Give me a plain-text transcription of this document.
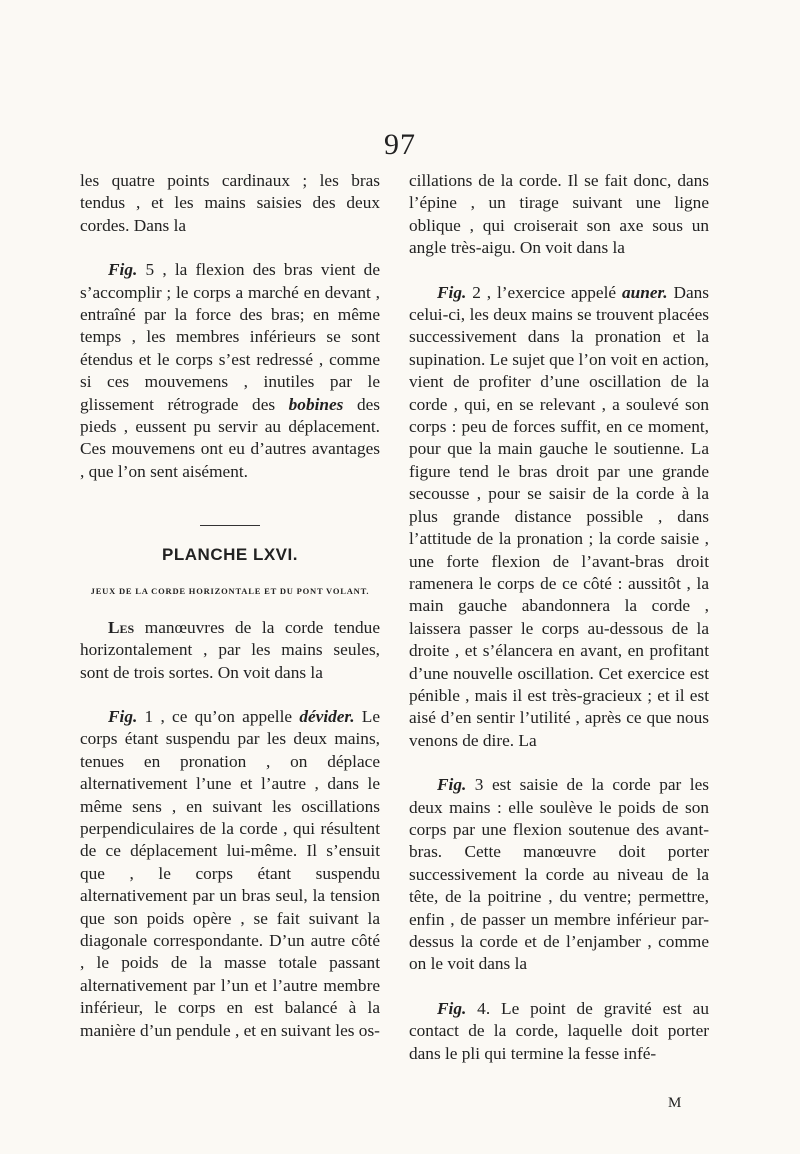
97

les quatre points cardinaux ; les bras tendus , et les mains saisies des deux cordes. Dans la

Fig. 5 , la flexion des bras vient de s’accomplir ; le corps a marché en devant , entraîné par la force des bras; en même temps , les membres inférieurs se sont étendus et le corps s’est redressé , comme si ces mouvemens , inutiles par le glissement rétrograde des bobines des pieds , eussent pu servir au déplacement. Ces mouvemens ont eu d’autres avantages , que l’on sent aisément.

PLANCHE LXVI.
JEUX DE LA CORDE HORIZONTALE ET DU PONT VOLANT.

Les manœuvres de la corde tendue horizontalement , par les mains seules, sont de trois sortes. On voit dans la

Fig. 1 , ce qu’on appelle dévider. Le corps étant suspendu par les deux mains, tenues en pronation , on déplace alternativement l’une et l’autre , dans le même sens , en suivant les oscillations perpendiculaires de la corde , qui résultent de ce déplacement lui-même. Il s’ensuit que , le corps étant suspendu alternativement par un bras seul, la tension que son poids opère , se fait suivant la diagonale correspondante. D’un autre côté , le poids de la masse totale passant alternativement par l’un et l’autre membre inférieur, le corps en est balancé à la manière d’un pendule , et en suivant les os-

cillations de la corde. Il se fait donc, dans l’épine , un tirage suivant une ligne oblique , qui croiserait son axe sous un angle très-aigu. On voit dans la

Fig. 2 , l’exercice appelé auner. Dans celui-ci, les deux mains se trouvent placées successivement dans la pronation et la supination. Le sujet que l’on voit en action, vient de profiter d’une oscillation de la corde , qui, en se relevant , a soulevé son corps : peu de forces suffit, en ce moment, pour que la main gauche le soutienne. La figure tend le bras droit par une grande secousse , pour se saisir de la corde à la plus grande distance possible , dans l’attitude de la pronation ; la corde saisie , une forte flexion de l’avant-bras droit ramenera le corps de ce côté : aussitôt , la main gauche abandonnera la corde , laissera passer le corps au-dessous de la droite , et s’élancera en avant, en profitant d’une nouvelle oscillation. Cet exercice est pénible , mais il est très-gracieux ; et il est aisé d’en sentir l’utilité , après ce que nous venons de dire. La

Fig. 3 est saisie de la corde par les deux mains : elle soulève le poids de son corps par une flexion soutenue des avant-bras. Cette manœuvre doit porter successivement la corde au niveau de la tête, de la poitrine , du ventre; permettre, enfin , de passer un membre inférieur par-dessus la corde et de l’enjamber , comme on le voit dans la

Fig. 4. Le point de gravité est au contact de la corde, laquelle doit porter dans le pli qui termine la fesse infé-

M
